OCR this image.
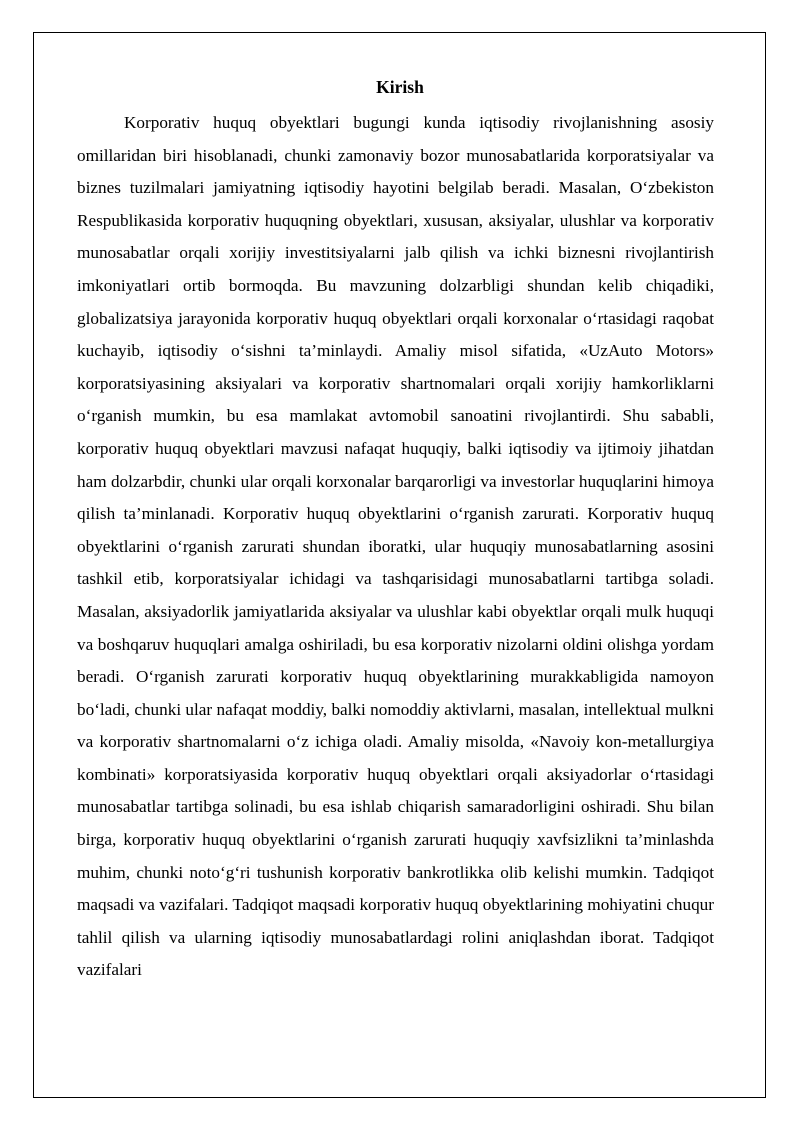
Kirish

Korporativ huquq obyektlari bugungi kunda iqtisodiy rivojlanishning asosiy omillaridan biri hisoblanadi, chunki zamonaviy bozor munosabatlarida korporatsiyalar va biznes tuzilmalari jamiyatning iqtisodiy hayotini belgilab beradi. Masalan, O‘zbekiston Respublikasida korporativ huquqning obyektlari, xususan, aksiyalar, ulushlar va korporativ munosabatlar orqali xorijiy investitsiyalarni jalb qilish va ichki biznesni rivojlantirish imkoniyatlari ortib bormoqda. Bu mavzuning dolzarbligi shundan kelib chiqadiki, globalizatsiya jarayonida korporativ huquq obyektlari orqali korxonalar o‘rtasidagi raqobat kuchayib, iqtisodiy o‘sishni ta’minlaydi. Amaliy misol sifatida, «UzAuto Motors» korporatsiyasining aksiyalari va korporativ shartnomalari orqali xorijiy hamkorliklarni o‘rganish mumkin, bu esa mamlakat avtomobil sanoatini rivojlantirdi. Shu sababli, korporativ huquq obyektlari mavzusi nafaqat huquqiy, balki iqtisodiy va ijtimoiy jihatdan ham dolzarbdir, chunki ular orqali korxonalar barqarorligi va investorlar huquqlarini himoya qilish ta’minlanadi. Korporativ huquq obyektlarini o‘rganish zarurati. Korporativ huquq obyektlarini o‘rganish zarurati shundan iboratki, ular huquqiy munosabatlarning asosini tashkil etib, korporatsiyalar ichidagi va tashqarisidagi munosabatlarni tartibga soladi. Masalan, aksiyadorlik jamiyatlarida aksiyalar va ulushlar kabi obyektlar orqali mulk huquqi va boshqaruv huquqlari amalga oshiriladi, bu esa korporativ nizolarni oldini olishga yordam beradi. O‘rganish zarurati korporativ huquq obyektlarining murakkabligida namoyon bo‘ladi, chunki ular nafaqat moddiy, balki nomoddiy aktivlarni, masalan, intellektual mulkni va korporativ shartnomalarni o‘z ichiga oladi. Amaliy misolda, «Navoiy kon-metallurgiya kombinati» korporatsiyasida korporativ huquq obyektlari orqali aksiyadorlar o‘rtasidagi munosabatlar tartibga solinadi, bu esa ishlab chiqarish samaradorligini oshiradi. Shu bilan birga, korporativ huquq obyektlarini o‘rganish zarurati huquqiy xavfsizlikni ta’minlashda muhim, chunki noto‘g‘ri tushunish korporativ bankrotlikka olib kelishi mumkin. Tadqiqot maqsadi va vazifalari. Tadqiqot maqsadi korporativ huquq obyektlarining mohiyatini chuqur tahlil qilish va ularning iqtisodiy munosabatlardagi rolini aniqlashdan iborat. Tadqiqot vazifalari
